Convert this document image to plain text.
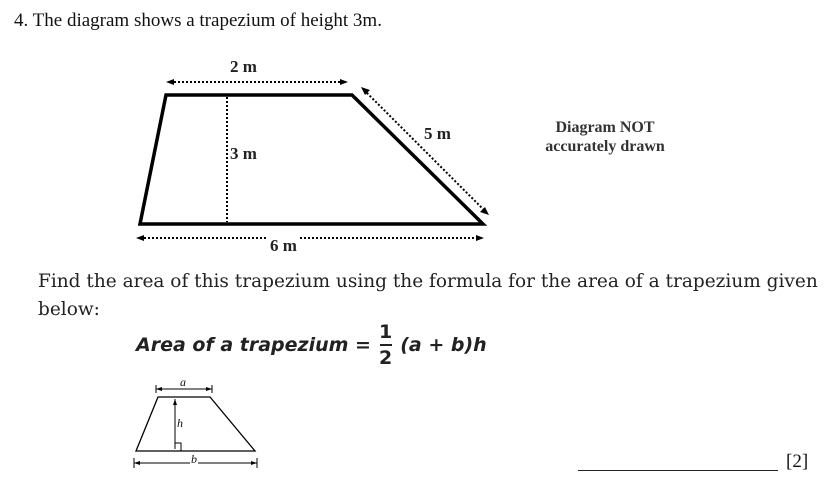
4. The diagram shows a trapezium of height 3m.
2 m
3 m
5 m
6 m
Diagram NOT
accurately drawn
Find the area of this trapezium using the formula for the area of a trapezium given below:
Area of a trapezium = $\frac{1}{2} (a + b)h$
a
h
b	[2]
